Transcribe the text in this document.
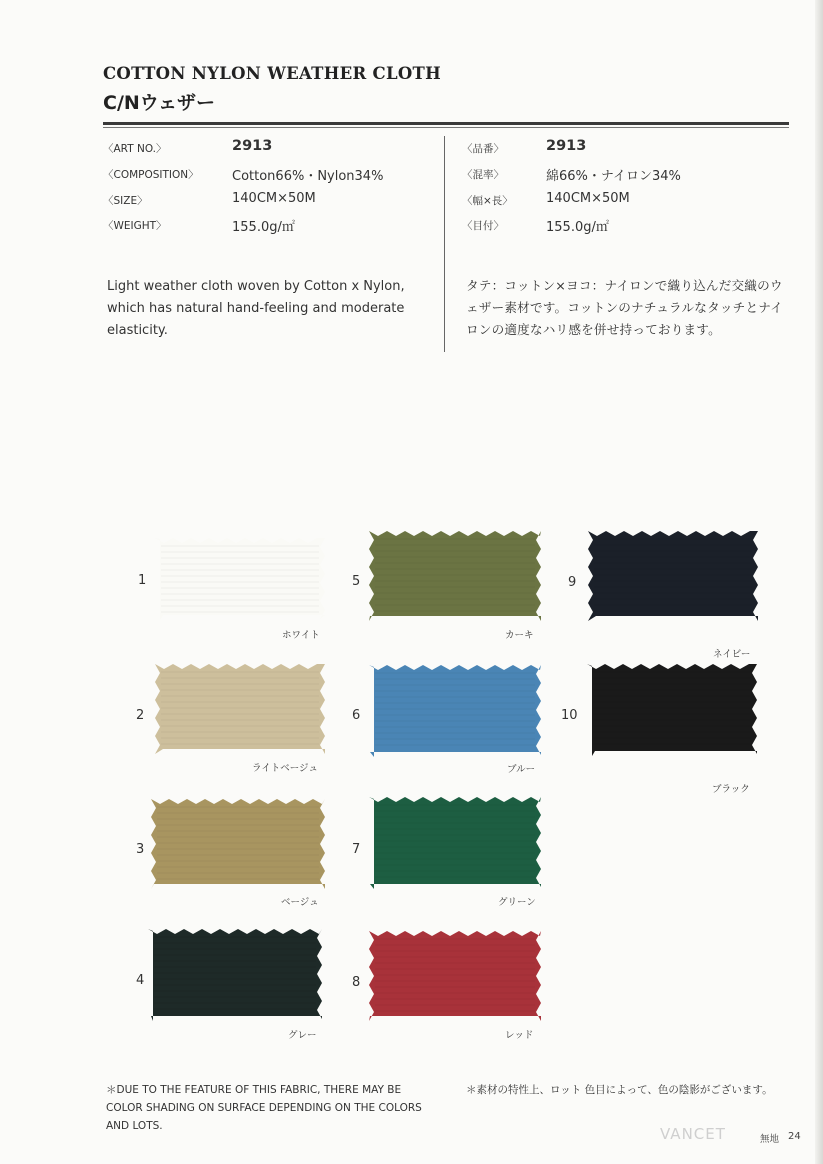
COTTON NYLON WEATHER CLOTH
C/Nウェザー
〈ART NO.〉	2913
〈COMPOSITION〉	Cotton66%・Nylon34%
〈SIZE〉	140CM×50M
〈WEIGHT〉	155.0g/㎡
〈品番〉	2913
〈混率〉	綿66%・ナイロン34%
〈幅×長〉	140CM×50M
〈目付〉	155.0g/㎡

Light weather cloth woven by Cotton x Nylon, which has natural hand-feeling and moderate elasticity.

タテ：コットン×ヨコ：ナイロンで織り込んだ交織のウェザー素材です。コットンのナチュラルなタッチとナイロンの適度なハリ感を併せ持っております。

1
2
3
4
5
6
7
8
9
10
ホワイト
ライトベージュ
ベージュ
グレー
カーキ
ブルー
グリーン
レッド
ネイビー
ブラック

＊DUE TO THE FEATURE OF THIS FABRIC, THERE MAY BE COLOR SHADING ON SURFACE DEPENDING ON THE COLORS AND LOTS.

＊素材の特性上、ロット 色目によって、色の陰影がございます。

VANCET	無地 24
